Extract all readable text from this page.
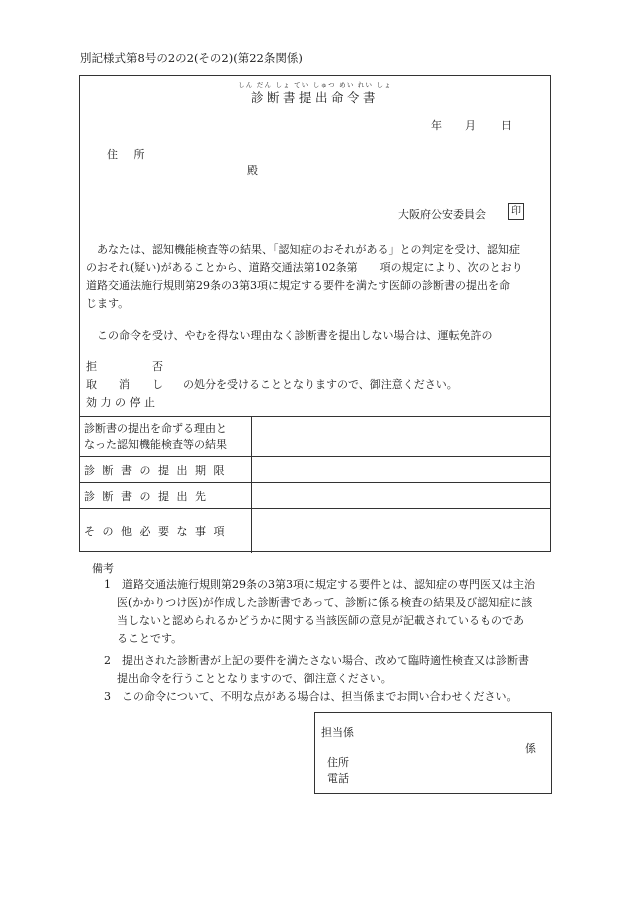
別記様式第8号の2の2(その2)(第22条関係)
しん だん しょ てい しゅつ めい れい しょ
診断書提出命令書
年 月 日
住 所
殿
大阪府公安委員会	印
あなたは、認知機能検査等の結果、「認知症のおそれがある」との判定を受け、認知症
のおそれ(疑い)があることから、道路交通法第102条第　　項の規定により、次のとおり
道路交通法施行規則第29条の3第3項に規定する要件を満たす医師の診断書の提出を命
じます。
この命令を受け、やむを得ない理由なく診断書を提出しない場合は、運転免許の
拒　　　　　否
取　　消　　し
効 力 の 停 止
の処分を受けることとなりますので、御注意ください。
診断書の提出を命ずる理由と
なった認知機能検査等の結果	

診断書の提出期限	
診断書の提出先	
その他必要な事項	
備考
1　道路交通法施行規則第29条の3第3項に規定する要件とは、認知症の専門医又は主治
医(かかりつけ医)が作成した診断書であって、診断に係る検査の結果及び認知症に該
当しないと認められるかどうかに関する当該医師の意見が記載されているものであ
ることです。
2　提出された診断書が上記の要件を満たさない場合、改めて臨時適性検査又は診断書
提出命令を行うこととなりますので、御注意ください。
3　この命令について、不明な点がある場合は、担当係までお問い合わせください。
担当係
係
住所
電話
